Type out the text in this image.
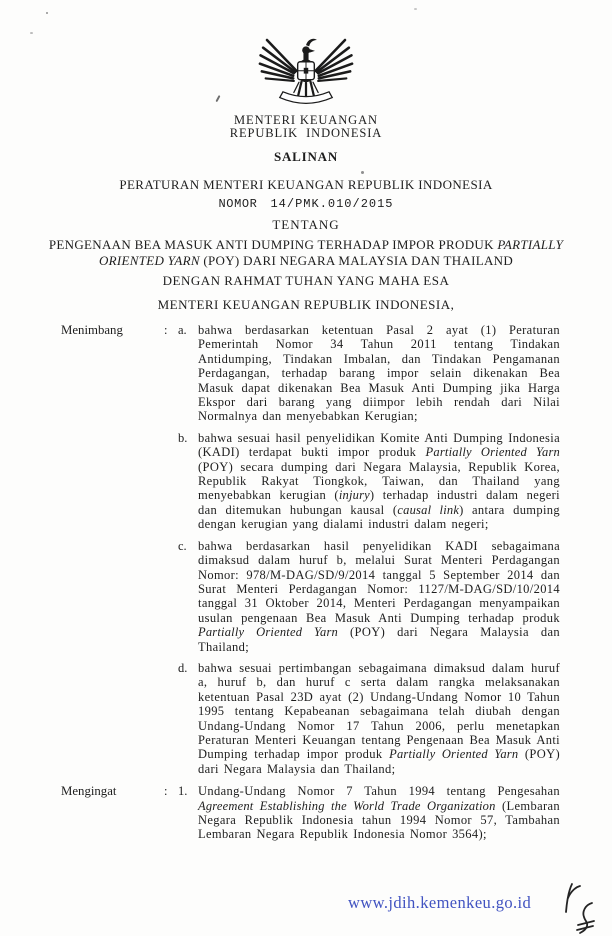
MENTERI KEUANGAN
REPUBLIK INDONESIA
SALINAN
PERATURAN MENTERI KEUANGAN REPUBLIK INDONESIA
NOMOR 14/PMK.010/2015
TENTANG
PENGENAAN BEA MASUK ANTI DUMPING TERHADAP IMPOR PRODUK PARTIALLY ORIENTED YARN (POY) DARI NEGARA MALAYSIA DAN THAILAND
DENGAN RAHMAT TUHAN YANG MAHA ESA
MENTERI KEUANGAN REPUBLIK INDONESIA,
Menimbang	: a. bahwa berdasarkan ketentuan Pasal 2 ayat (1) Peraturan Pemerintah Nomor 34 Tahun 2011 tentang Tindakan Antidumping, Tindakan Imbalan, dan Tindakan Pengamanan Perdagangan, terhadap barang impor selain dikenakan Bea Masuk dapat dikenakan Bea Masuk Anti Dumping jika Harga Ekspor dari barang yang diimpor lebih rendah dari Nilai Normalnya dan menyebabkan Kerugian;

b. bahwa sesuai hasil penyelidikan Komite Anti Dumping Indonesia (KADI) terdapat bukti impor produk Partially Oriented Yarn (POY) secara dumping dari Negara Malaysia, Republik Korea, Republik Rakyat Tiongkok, Taiwan, dan Thailand yang menyebabkan kerugian (injury) terhadap industri dalam negeri dan ditemukan hubungan kausal (causal link) antara dumping dengan kerugian yang dialami industri dalam negeri;

c. bahwa berdasarkan hasil penyelidikan KADI sebagaimana dimaksud dalam huruf b, melalui Surat Menteri Perdagangan Nomor: 978/M-DAG/SD/9/2014 tanggal 5 September 2014 dan Surat Menteri Perdagangan Nomor: 1127/M-DAG/SD/10/2014 tanggal 31 Oktober 2014, Menteri Perdagangan menyampaikan usulan pengenaan Bea Masuk Anti Dumping terhadap produk Partially Oriented Yarn (POY) dari Negara Malaysia dan Thailand;

d. bahwa sesuai pertimbangan sebagaimana dimaksud dalam huruf a, huruf b, dan huruf c serta dalam rangka melaksanakan ketentuan Pasal 23D ayat (2) Undang-Undang Nomor 10 Tahun 1995 tentang Kepabeanan sebagaimana telah diubah dengan Undang-Undang Nomor 17 Tahun 2006, perlu menetapkan Peraturan Menteri Keuangan tentang Pengenaan Bea Masuk Anti Dumping terhadap impor produk Partially Oriented Yarn (POY) dari Negara Malaysia dan Thailand;

Mengingat	: 1. Undang-Undang Nomor 7 Tahun 1994 tentang Pengesahan Agreement Establishing the World Trade Organization (Lembaran Negara Republik Indonesia tahun 1994 Nomor 57, Tambahan Lembaran Negara Republik Indonesia Nomor 3564);

www.jdih.kemenkeu.go.id
